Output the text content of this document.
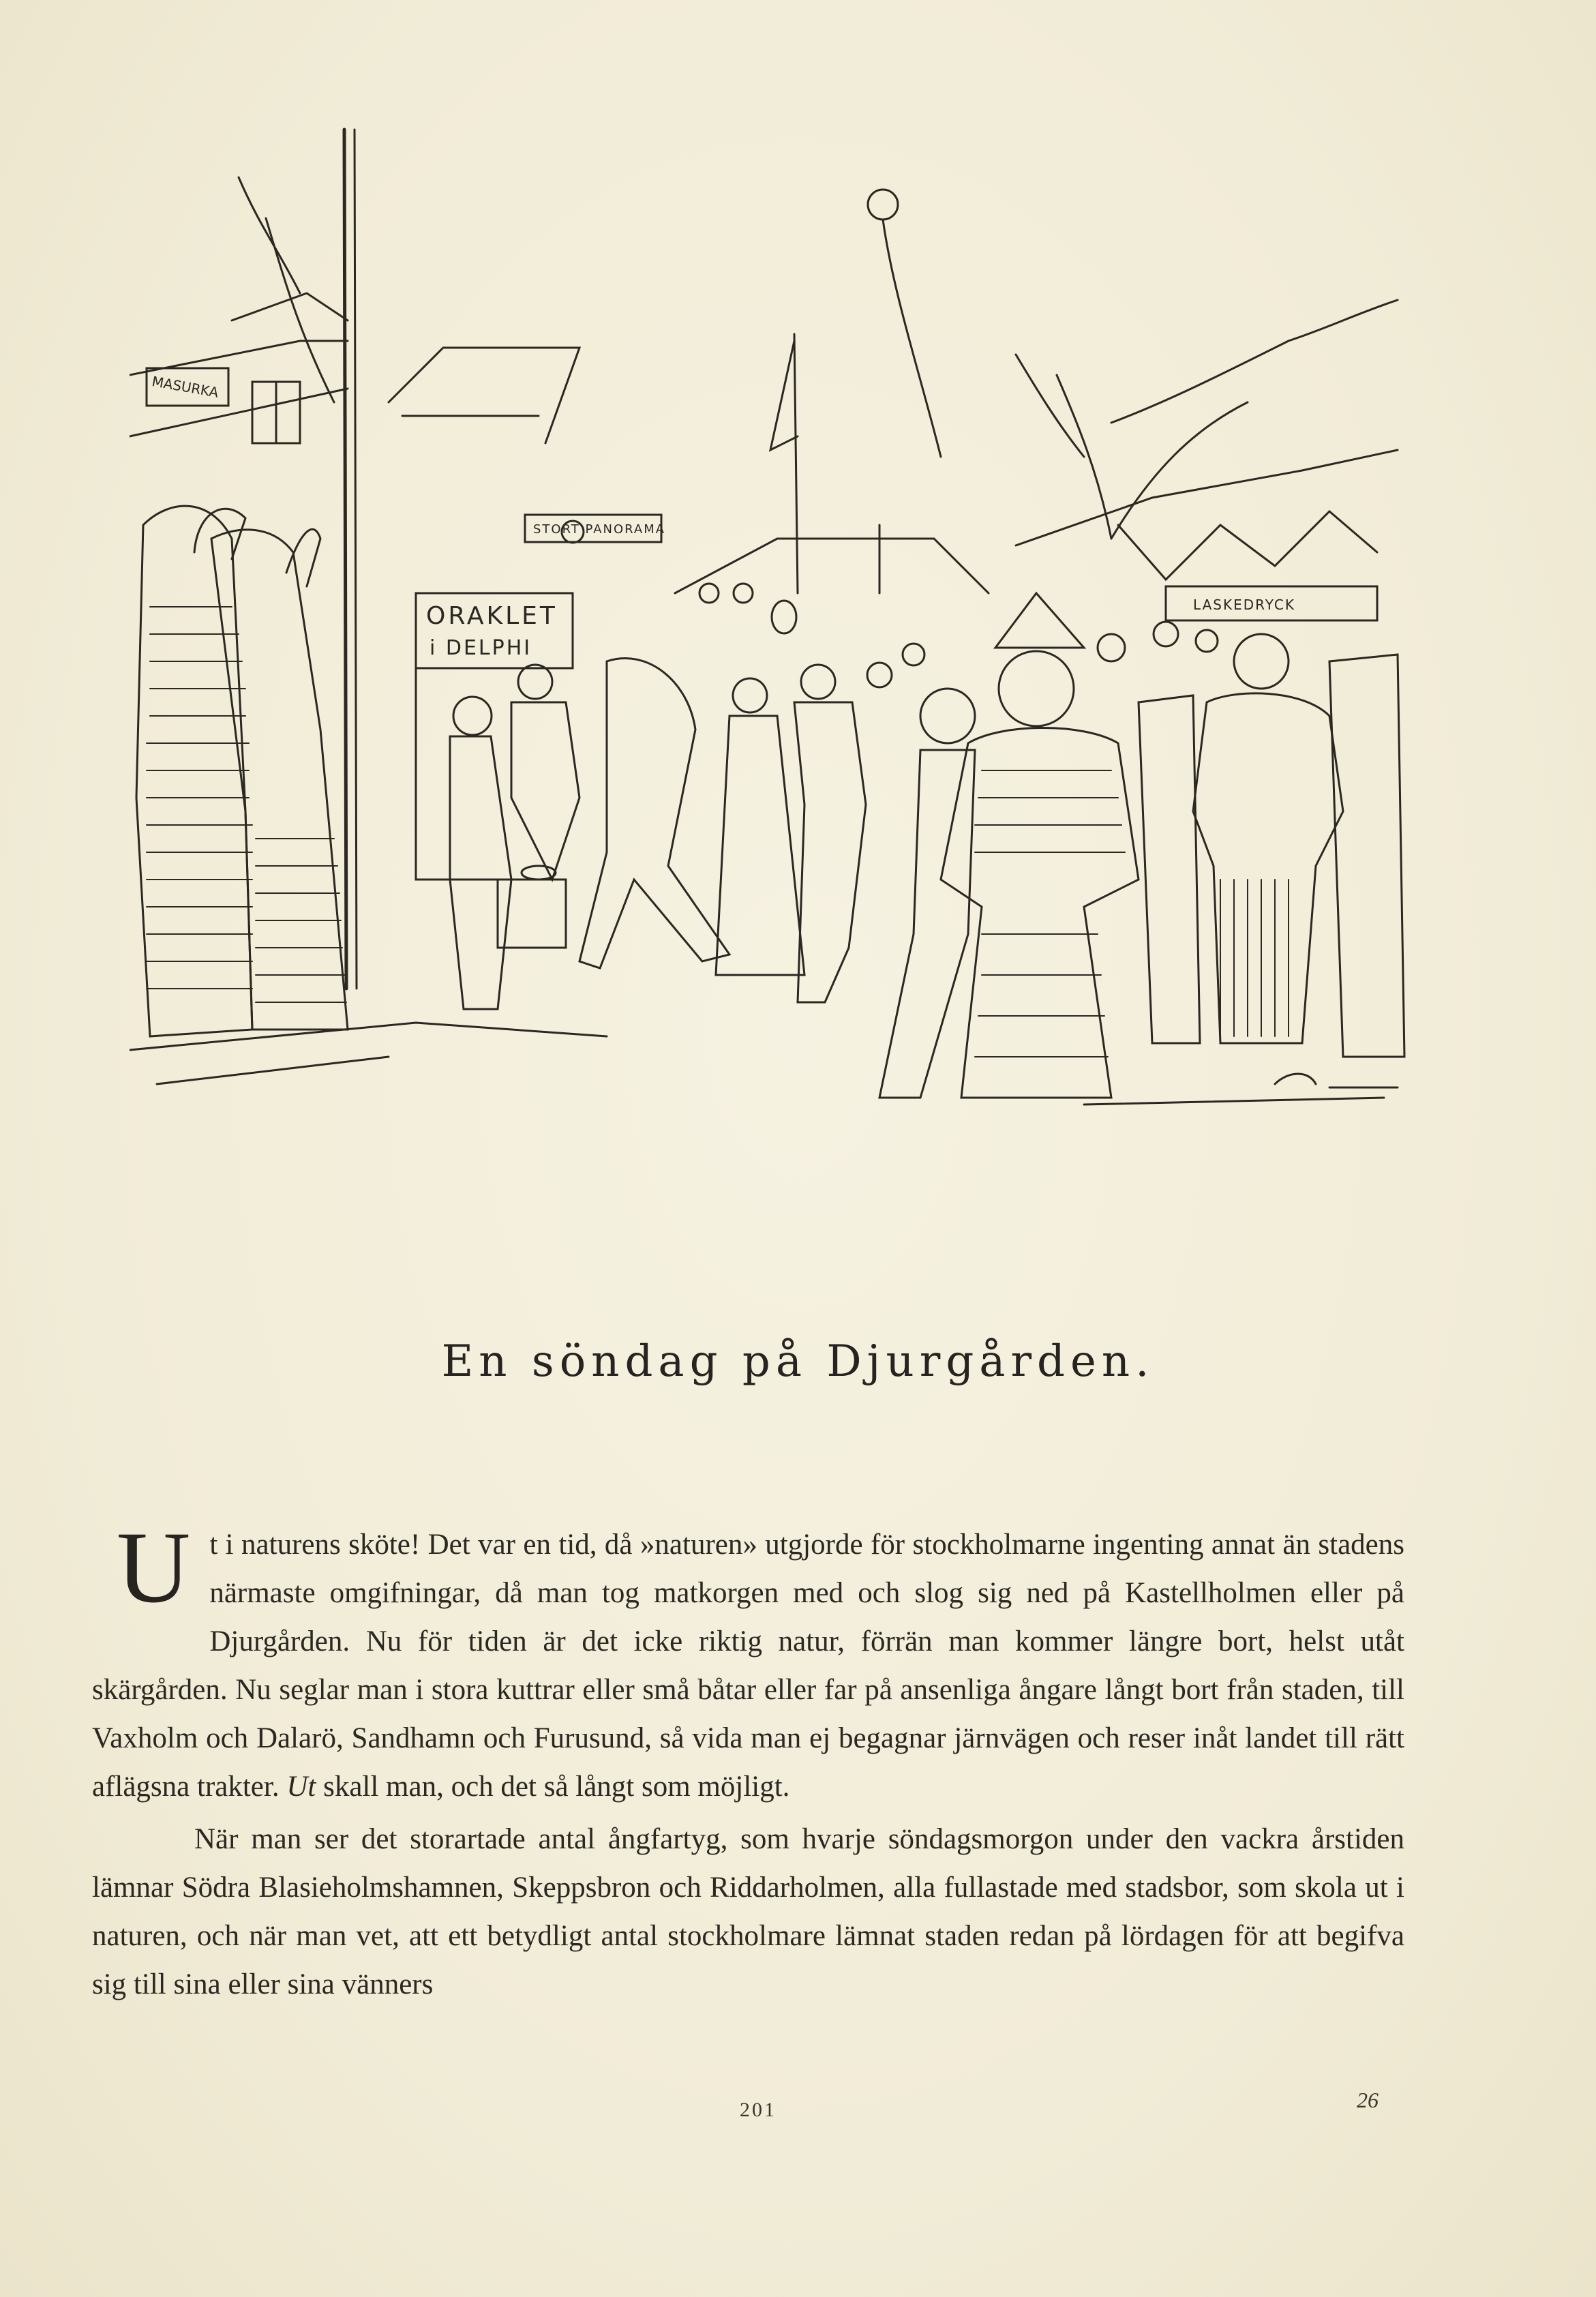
MASURKA
STORT PANORAMA
ORAKLET
i DELPHI
LASKEDRYCK
En söndag på Djurgården.

Ut i naturens sköte! Det var en tid, då »naturen» utgjorde för stockholmarne ingenting annat än stadens närmaste omgifningar, då man tog matkorgen med och slog sig ned på Kastellholmen eller på Djurgården. Nu för tiden är det icke riktig natur, förrän man kommer längre bort, helst utåt skärgården. Nu seglar man i stora kuttrar eller små båtar eller far på ansenliga ångare långt bort från staden, till Vaxholm och Dalarö, Sandhamn och Furusund, så vida man ej begagnar järnvägen och reser inåt landet till rätt aflägsna trakter. Ut skall man, och det så långt som möjligt.

När man ser det storartade antal ångfartyg, som hvarje söndagsmorgon under den vackra årstiden lämnar Södra Blasieholmshamnen, Skeppsbron och Riddarholmen, alla fullastade med stadsbor, som skola ut i naturen, och när man vet, att ett betydligt antal stockholmare lämnat staden redan på lördagen för att begifva sig till sina eller sina vänners

201	26
